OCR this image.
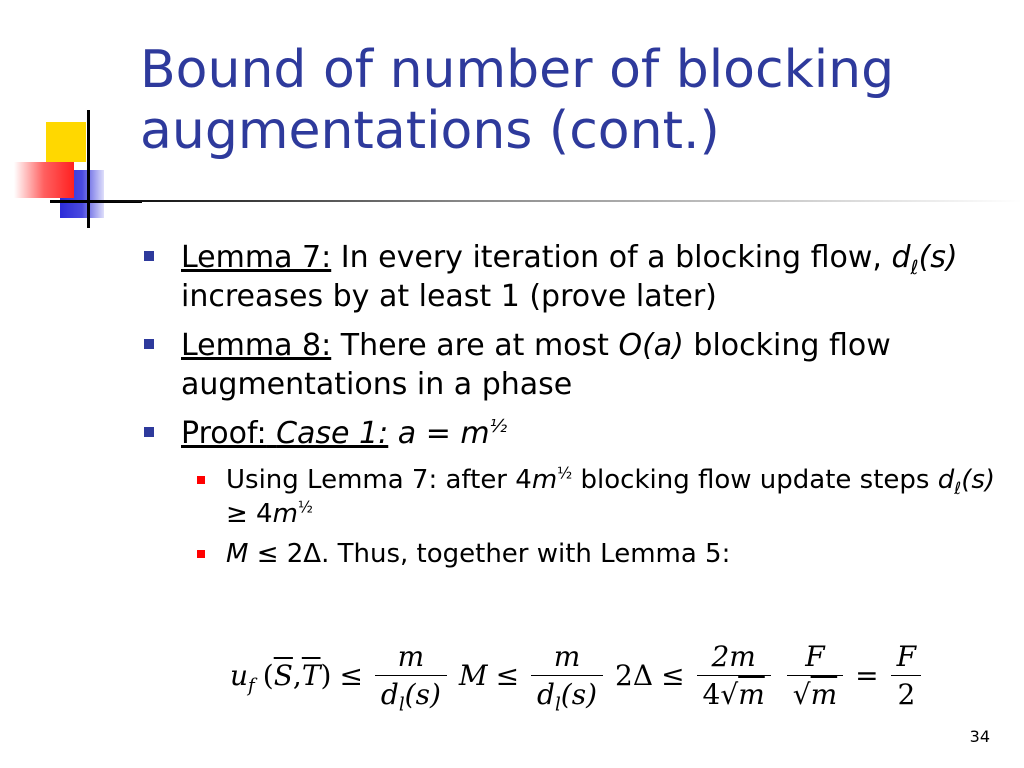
Bound of number of blocking augmentations (cont.)
Lemma 7: In every iteration of a blocking flow, $d_\ell(s)$ increases by at least 1 (prove later)
Lemma 8: There are at most O(a) blocking flow augmentations in a phase
Proof: Case 1: $a = m^{\frac{1}{2}}$
Using Lemma 7: after $4m^{\frac{1}{2}}$ blocking flow update steps $d_\ell(s) \ge 4m^{\frac{1}{2}}$
M ≤ 2Δ. Thus, together with Lemma 5:
$u_f$ $(\overline{S},\overline{T}) \le \frac{m}{d_l(s)}$ $M \le \frac{m}{d_l(s)} 2\Delta \le \frac{2m}{4√m} \frac{F}{√m} = \frac{F}{2}$
34
